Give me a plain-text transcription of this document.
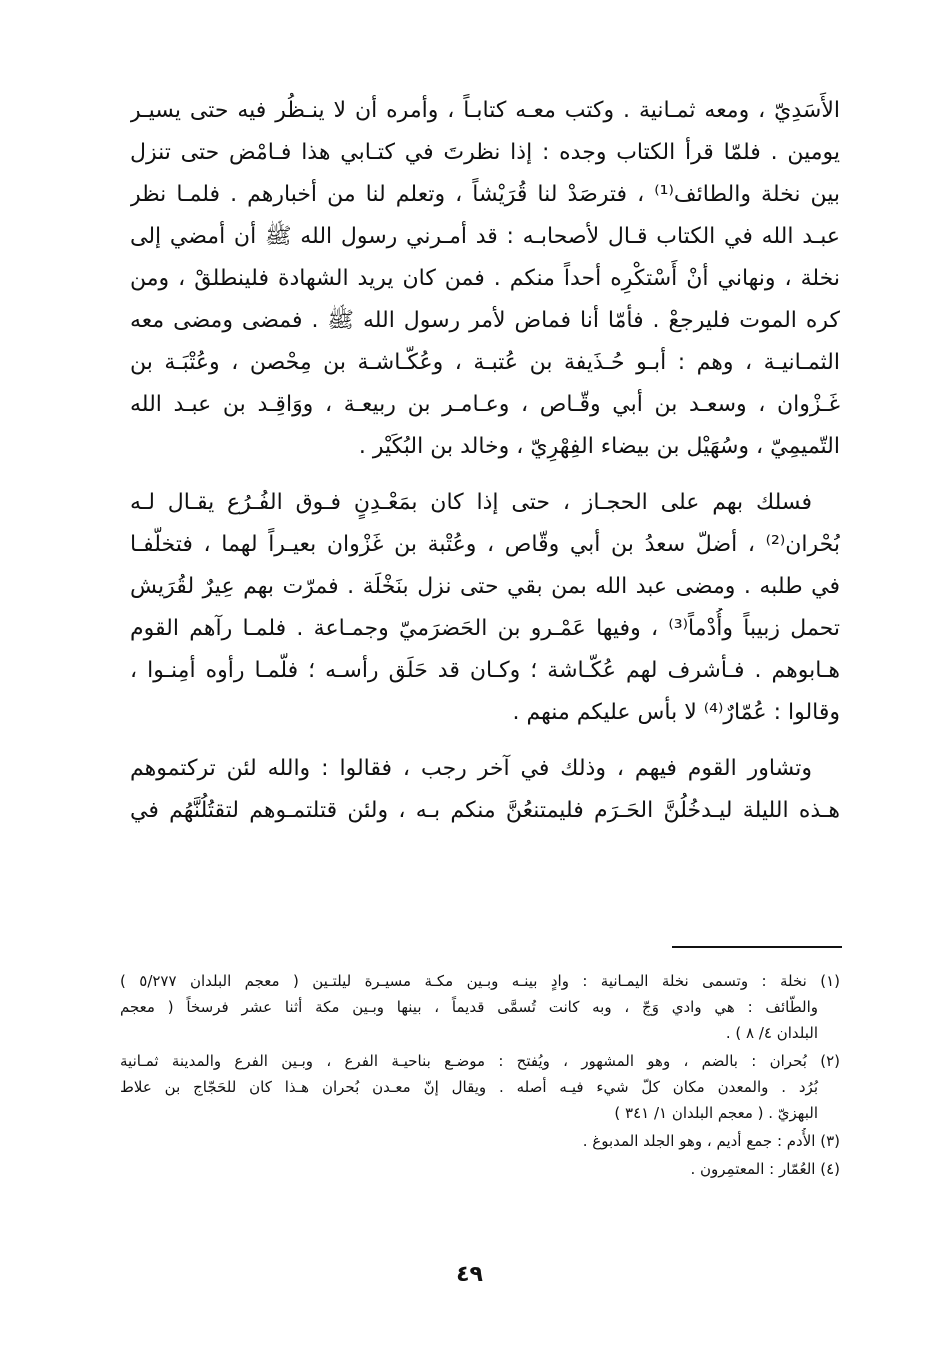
الأَسَدِيّ ، ومعه ثمـانية . وكتب معـه كتابـاً ، وأمره أن لا ينـظُر فيه حتى يسيـر
يومين . فلمّا قرأ الكتاب وجده : إذا نظرتَ في كتـابي هذا فـامْض حتى تنزل
بين نخلة والطائف⁽¹⁾ ، فترصَدْ لنا قُرَيْشاً ، وتعلم لنا من أخبارهم . فلمـا نظر
عبـد الله في الكتاب قـال لأصحابـه : قد أمـرني رسول الله ﷺ أن أمضي إلى
نخلة ، ونهاني أنْ أَسْتكْرِه أحداً منكم . فمن كان يريد الشهادة فلينطلقْ ، ومن
كره الموت فليرجعْ . فأمّا أنا فماض لأمر رسول الله ﷺ . فمضى ومضى معه
الثمـانيـة ، وهم : أبـو حُـذَيفة بن عُتبـة ، وعُكّـاشـة بن مِحْصن ، وعُتْبَـة بن
غَـزْوان ، وسعـد بن أبي وقّـاص ، وعـامـر بن ربيعـة ، ووَاقِـد بن عبـد الله
التّميمِيّ ، وسُهَيْل بن بيضاء الفِهْرِيّ ، وخالد بن البُكَيْر .
فسلك بهم على الحجـاز ، حتى إذا كان بمَعْـدِنٍ فـوق الفُـرُع يقـال لـه
بُحْران⁽²⁾ ، أضلّ سعدُ بن أبي وقّاص ، وعُتْبة بن غَزْوان بعيـراً لهما ، فتخلّفـا
في طلبه . ومضى عبد الله بمن بقي حتى نزل بنَخْلَة . فمرّت بهم عِيرٌ لقُرَيش
تحمل زبيباً وأُدْماً⁽³⁾ ، وفيها عَمْـرو بن الحَضرَميّ وجمـاعة . فلمـا رآهم القوم
هـابوهم . فـأشرف لهم عُكّـاشة ؛ وكـان قد حَلَق رأسـه ؛ فلّمـا رأوه أمِنـوا ،
وقالوا : عُمّارٌ⁽⁴⁾ لا بأس عليكم منهم .
وتشاور القوم فيهم ، وذلك في آخر رجب ، فقالوا : والله لئن تركتموهم
هـذه الليلة ليـدخُلُنَّ الحَـرَم فليمتنعُنَّ منكم بـه ، ولئن قتلتمـوهم لتقتُلُنَّهُم في
(١) نخلة : وتسمى نخلة اليمـانية : وادٍ بينـه وبـين مكـة مسيـرة ليلتـين ( معجم البلدان ٥/٢٧٧ )
والطّائف : هي وادي وَجّ ، وبه كانت تُسمَّى قديماً ، بينها وبـين مكة أثنا عشر فرسخاً ( معجم
البلدان ٤/ ٨ ) .
(٢) بُحران : بالضم ، وهو المشهور ، ويُفتح : موضـع بناحيـة الفرع ، وبـين الفرع والمدينة ثمـانية
بُرُد . والمعدن مكان كلّ شيء فيـه أصله . ويقال إنّ معـدن بُحران هـذا كان للحَجّاج بن علاط
البهزيّ . ( معجم البلدان ١/ ٣٤١ )
(٣) الأُدم : جمع أديم ، وهو الجلد المدبوغ .
(٤) العُمّار : المعتمِرون .
٤٩
